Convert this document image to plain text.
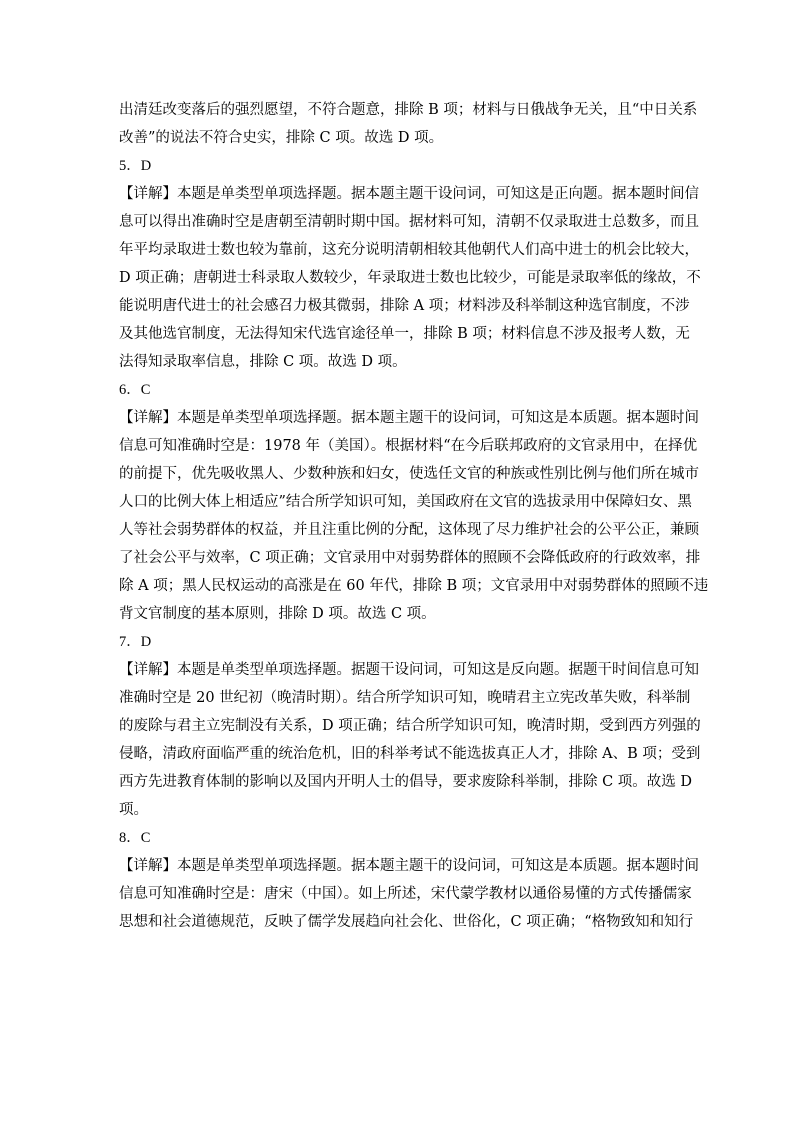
出清廷改变落后的强烈愿望，不符合题意，排除 B 项；材料与日俄战争无关，且“中日关系
改善”的说法不符合史实，排除 C 项。故选 D 项。
5．D
【详解】本题是单类型单项选择题。据本题主题干设问词，可知这是正向题。据本题时间信
息可以得出准确时空是唐朝至清朝时期中国。据材料可知，清朝不仅录取进士总数多，而且
年平均录取进士数也较为靠前，这充分说明清朝相较其他朝代人们高中进士的机会比较大，
D 项正确；唐朝进士科录取人数较少，年录取进士数也比较少，可能是录取率低的缘故，不
能说明唐代进士的社会感召力极其微弱，排除 A 项；材料涉及科举制这种选官制度，不涉
及其他选官制度，无法得知宋代选官途径单一，排除 B 项；材料信息不涉及报考人数，无
法得知录取率信息，排除 C 项。故选 D 项。
6．C
【详解】本题是单类型单项选择题。据本题主题干的设问词，可知这是本质题。据本题时间
信息可知准确时空是：1978 年（美国）。根据材料“在今后联邦政府的文官录用中，在择优
的前提下，优先吸收黑人、少数种族和妇女，使选任文官的种族或性别比例与他们所在城市
人口的比例大体上相适应”结合所学知识可知，美国政府在文官的选拔录用中保障妇女、黑
人等社会弱势群体的权益，并且注重比例的分配，这体现了尽力维护社会的公平公正，兼顾
了社会公平与效率，C 项正确；文官录用中对弱势群体的照顾不会降低政府的行政效率，排
除 A 项；黑人民权运动的高涨是在 60 年代，排除 B 项；文官录用中对弱势群体的照顾不违
背文官制度的基本原则，排除 D 项。故选 C 项。
7．D
【详解】本题是单类型单项选择题。据题干设问词，可知这是反向题。据题干时间信息可知
准确时空是 20 世纪初（晚清时期）。结合所学知识可知，晚晴君主立宪改革失败，科举制
的废除与君主立宪制没有关系，D 项正确；结合所学知识可知，晚清时期，受到西方列强的
侵略，清政府面临严重的统治危机，旧的科举考试不能选拔真正人才，排除 A、B 项；受到
西方先进教育体制的影响以及国内开明人士的倡导，要求废除科举制，排除 C 项。故选 D
项。
8．C
【详解】本题是单类型单项选择题。据本题主题干的设问词，可知这是本质题。据本题时间
信息可知准确时空是：唐宋（中国）。如上所述，宋代蒙学教材以通俗易懂的方式传播儒家
思想和社会道德规范，反映了儒学发展趋向社会化、世俗化，C 项正确；“格物致知和知行
